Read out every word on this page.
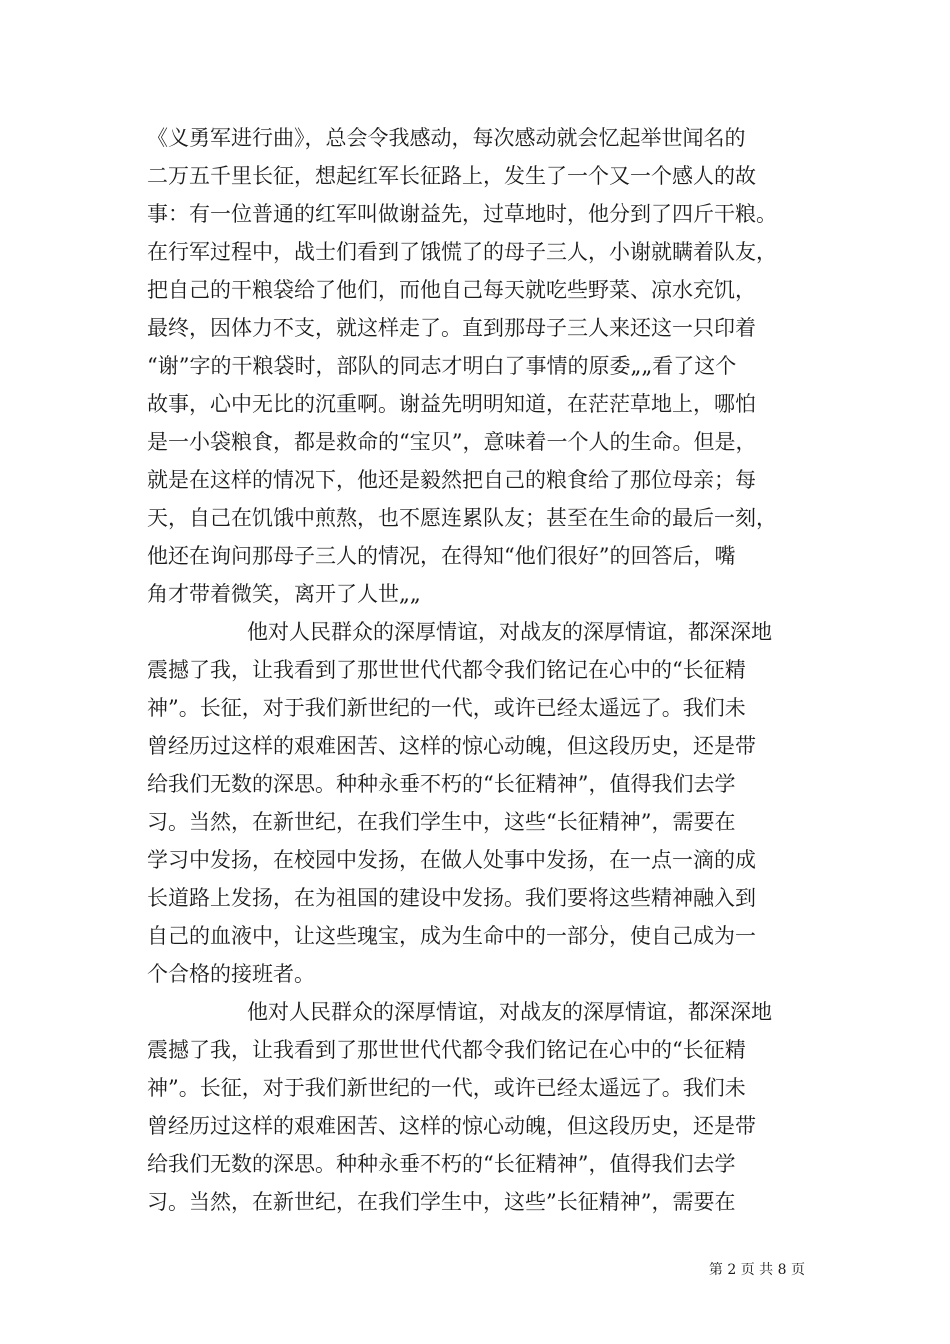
《义勇军进行曲》，总会令我感动，每次感动就会忆起举世闻名的
二万五千里长征，想起红军长征路上，发生了一个又一个感人的故
事：有一位普通的红军叫做谢益先，过草地时，他分到了四斤干粮。
在行军过程中，战士们看到了饿慌了的母子三人，小谢就瞒着队友，
把自己的干粮袋给了他们，而他自己每天就吃些野菜、凉水充饥，
最终，因体力不支，就这样走了。直到那母子三人来还这一只印着
“谢”字的干粮袋时，部队的同志才明白了事情的原委„„看了这个
故事，心中无比的沉重啊。谢益先明明知道，在茫茫草地上，哪怕
是一小袋粮食，都是救命的“宝贝”，意味着一个人的生命。但是，
就是在这样的情况下，他还是毅然把自己的粮食给了那位母亲；每
天，自己在饥饿中煎熬，也不愿连累队友；甚至在生命的最后一刻，
他还在询问那母子三人的情况，在得知“他们很好”的回答后，嘴
角才带着微笑，离开了人世„„
他对人民群众的深厚情谊，对战友的深厚情谊，都深深地
震撼了我，让我看到了那世世代代都令我们铭记在心中的“长征精
神”。长征，对于我们新世纪的一代，或许已经太遥远了。我们未
曾经历过这样的艰难困苦、这样的惊心动魄，但这段历史，还是带
给我们无数的深思。种种永垂不朽的“长征精神”，值得我们去学
习。当然，在新世纪，在我们学生中，这些“长征精神”，需要在
学习中发扬，在校园中发扬，在做人处事中发扬，在一点一滴的成
长道路上发扬，在为祖国的建设中发扬。我们要将这些精神融入到
自己的血液中，让这些瑰宝，成为生命中的一部分，使自己成为一
个合格的接班者。
他对人民群众的深厚情谊，对战友的深厚情谊，都深深地
震撼了我，让我看到了那世世代代都令我们铭记在心中的“长征精
神”。长征，对于我们新世纪的一代，或许已经太遥远了。我们未
曾经历过这样的艰难困苦、这样的惊心动魄，但这段历史，还是带
给我们无数的深思。种种永垂不朽的“长征精神”，值得我们去学
习。当然，在新世纪，在我们学生中，这些”长征精神”，需要在
第 2 页 共 8 页
